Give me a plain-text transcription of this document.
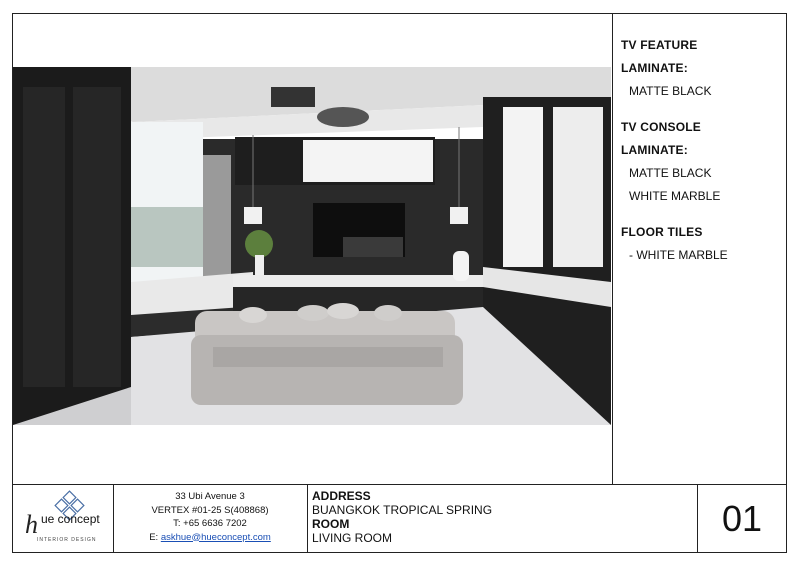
TV FEATURE

LAMINATE:

MATTE BLACK

TV CONSOLE

LAMINATE:

MATTE BLACK

WHITE MARBLE

FLOOR TILES

- WHITE MARBLE

h ue concept
INTERIOR DESIGN
33 Ubi Avenue 3
VERTEX #01-25 S(408868)
T: +65 6636 7202
E: askhue@hueconcept.com
ADDRESS
BUANGKOK TROPICAL SPRING
ROOM
LIVING ROOM	01
